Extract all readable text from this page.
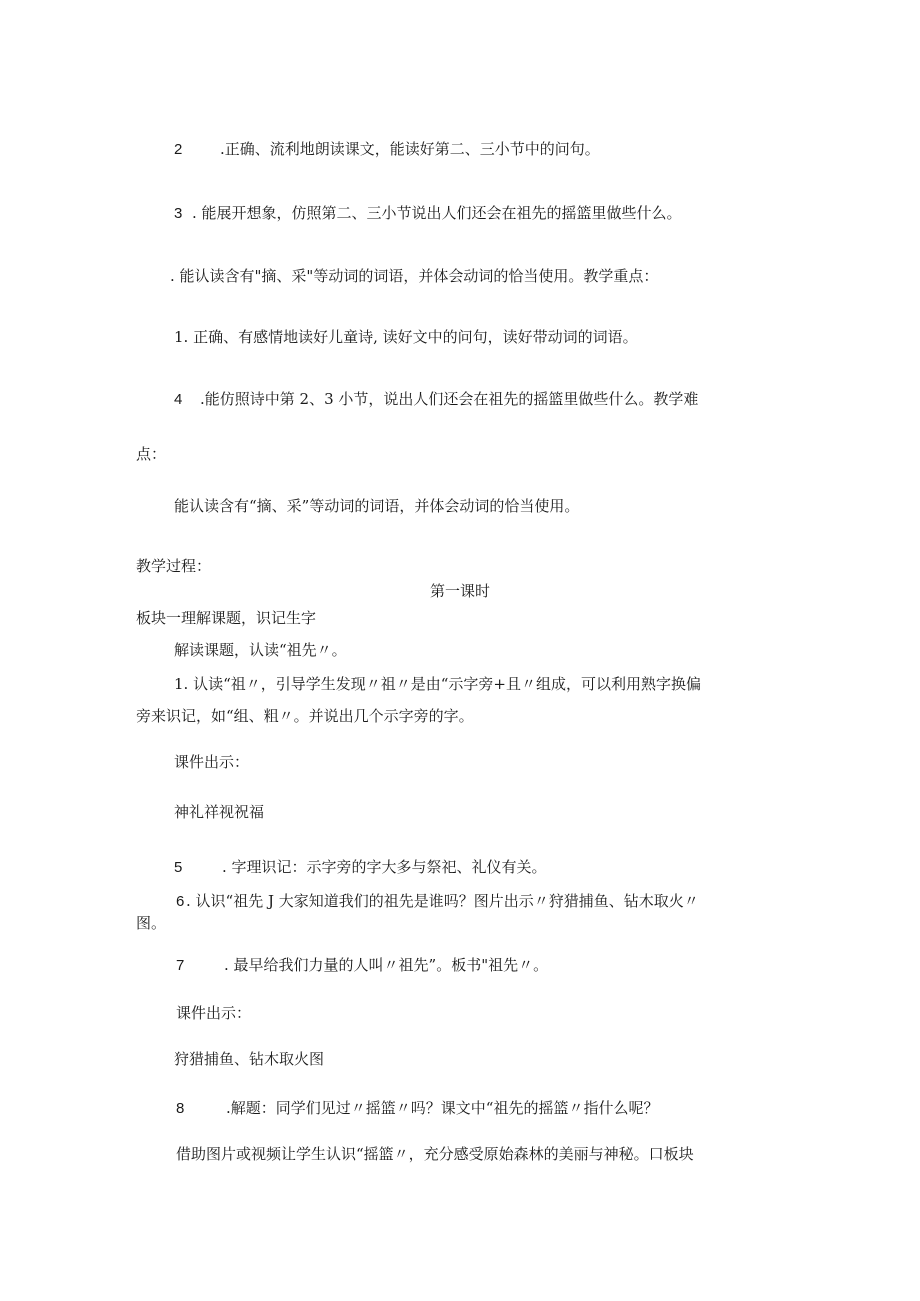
2	.正确、流利地朗读课文，能读好第二、三小节中的问句。
3 . 能展开想象，仿照第二、三小节说出人们还会在祖先的摇篮里做些什么。
. 能认读含有"摘、采"等动词的词语，并体会动词的恰当使用。教学重点：
1. 正确、有感情地读好儿童诗, 读好文中的问句，读好带动词的词语。
4 .能仿照诗中第 2、3 小节，说出人们还会在祖先的摇篮里做些什么。教学难
点：
能认读含有“摘、采”等动词的词语，并体会动词的恰当使用。
教学过程：
第一课时
板块一理解课题，识记生字
解读课题，认读“祖先〃。
1. 认读“祖〃，引导学生发现〃祖〃是由“示字旁+且〃组成，可以利用熟字换偏
旁来识记，如“组、粗〃。并说出几个示字旁的字。
课件出示：
神礼祥视祝福
5	. 字理识记：示字旁的字大多与祭祀、礼仪有关。
6 . 认识“祖先 J 大家知道我们的祖先是谁吗？图片出示〃狩猎捕鱼、钻木取火〃
图。
7	. 最早给我们力量的人叫〃祖先”。板书"祖先〃。
课件出示：
狩猎捕鱼、钻木取火图
8	.解题：同学们见过〃摇篮〃吗？课文中“祖先的摇篮〃指什么呢？
借助图片或视频让学生认识“摇篮〃，充分感受原始森林的美丽与神秘。口板块
